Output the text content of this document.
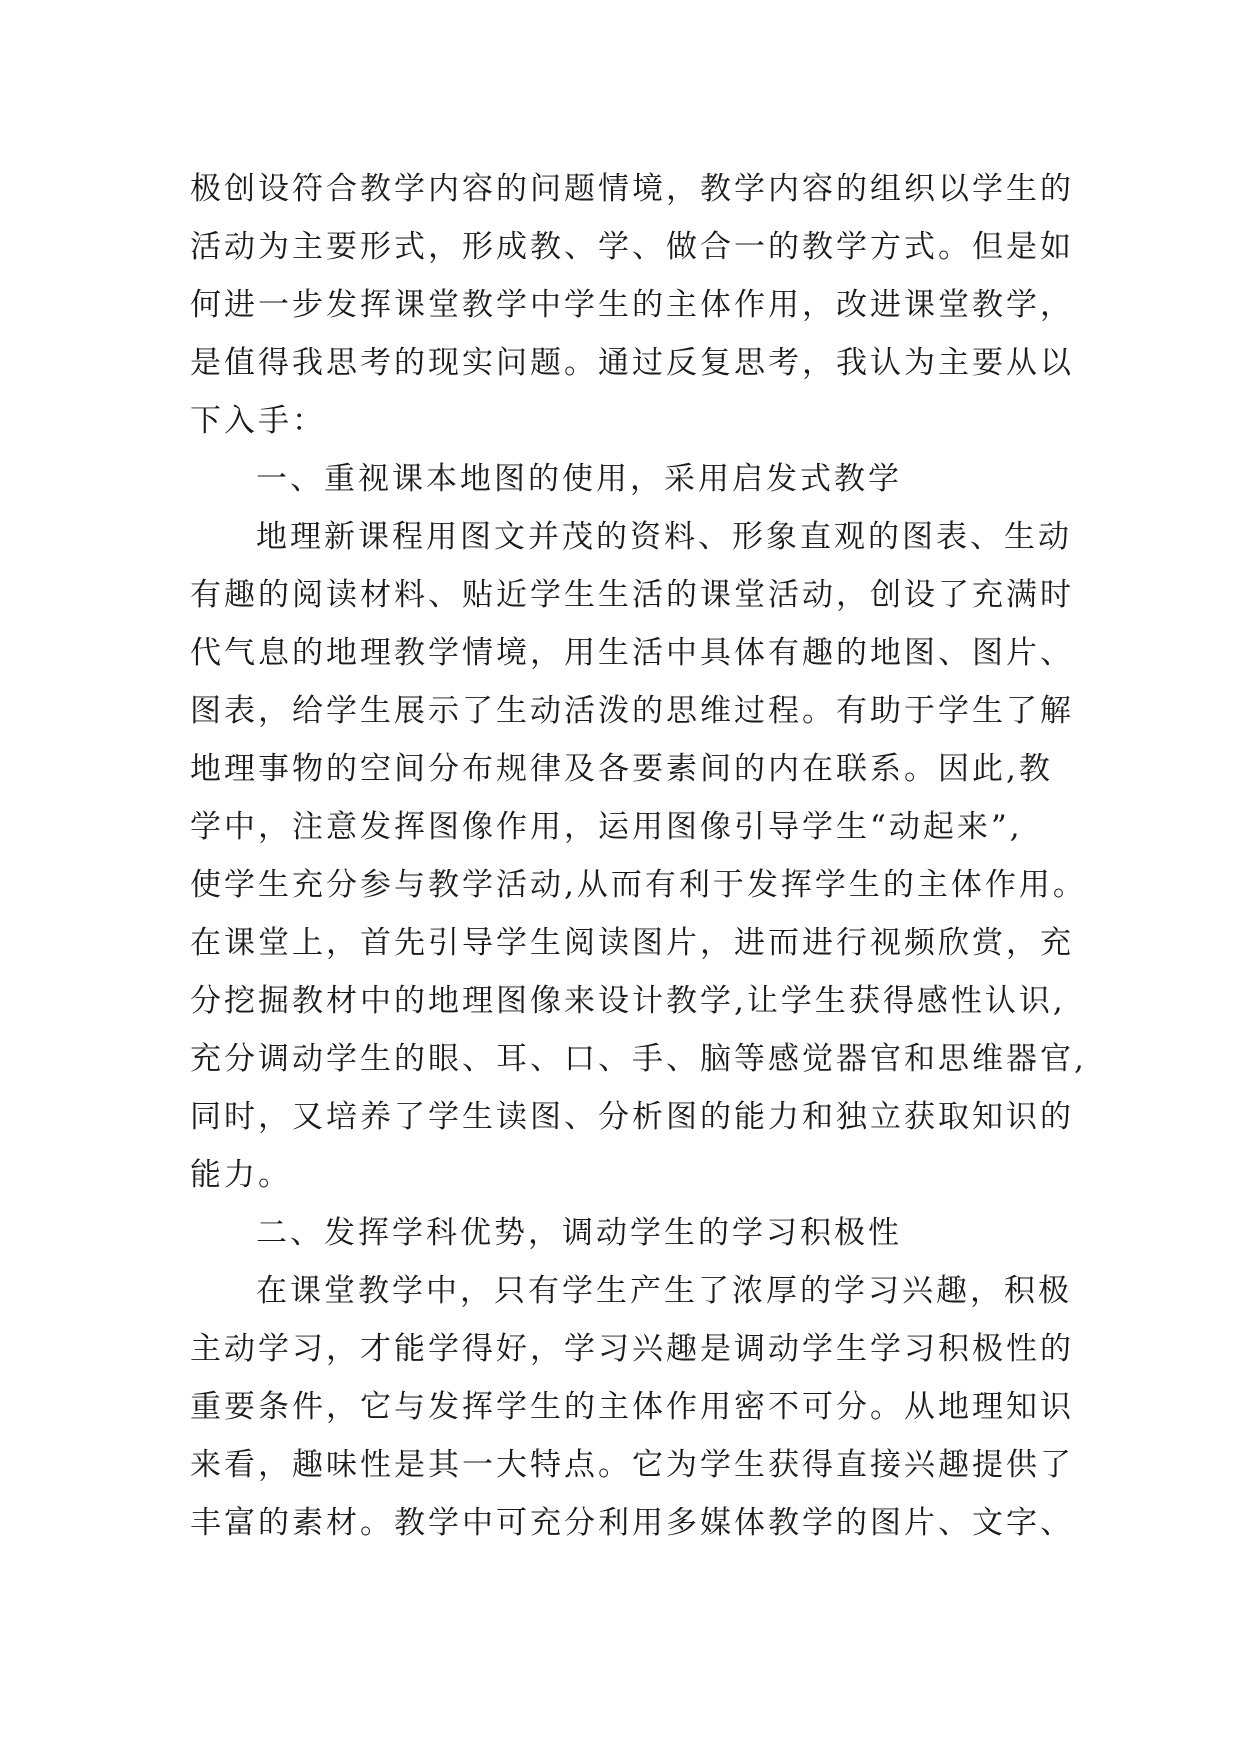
极创设符合教学内容的问题情境，教学内容的组织以学生的
活动为主要形式，形成教、学、做合一的教学方式。但是如
何进一步发挥课堂教学中学生的主体作用，改进课堂教学，
是值得我思考的现实问题。通过反复思考，我认为主要从以
下入手：
一、重视课本地图的使用，采用启发式教学
地理新课程用图文并茂的资料、形象直观的图表、生动
有趣的阅读材料、贴近学生生活的课堂活动，创设了充满时
代气息的地理教学情境，用生活中具体有趣的地图、图片、
图表，给学生展示了生动活泼的思维过程。有助于学生了解
地理事物的空间分布规律及各要素间的内在联系。因此,教
学中，注意发挥图像作用，运用图像引导学生“动起来”,
使学生充分参与教学活动,从而有利于发挥学生的主体作用。
在课堂上，首先引导学生阅读图片，进而进行视频欣赏，充
分挖掘教材中的地理图像来设计教学,让学生获得感性认识,
充分调动学生的眼、耳、口、手、脑等感觉器官和思维器官,
同时，又培养了学生读图、分析图的能力和独立获取知识的
能力。
二、发挥学科优势，调动学生的学习积极性
在课堂教学中，只有学生产生了浓厚的学习兴趣，积极
主动学习，才能学得好，学习兴趣是调动学生学习积极性的
重要条件，它与发挥学生的主体作用密不可分。从地理知识
来看，趣味性是其一大特点。它为学生获得直接兴趣提供了
丰富的素材。教学中可充分利用多媒体教学的图片、文字、
